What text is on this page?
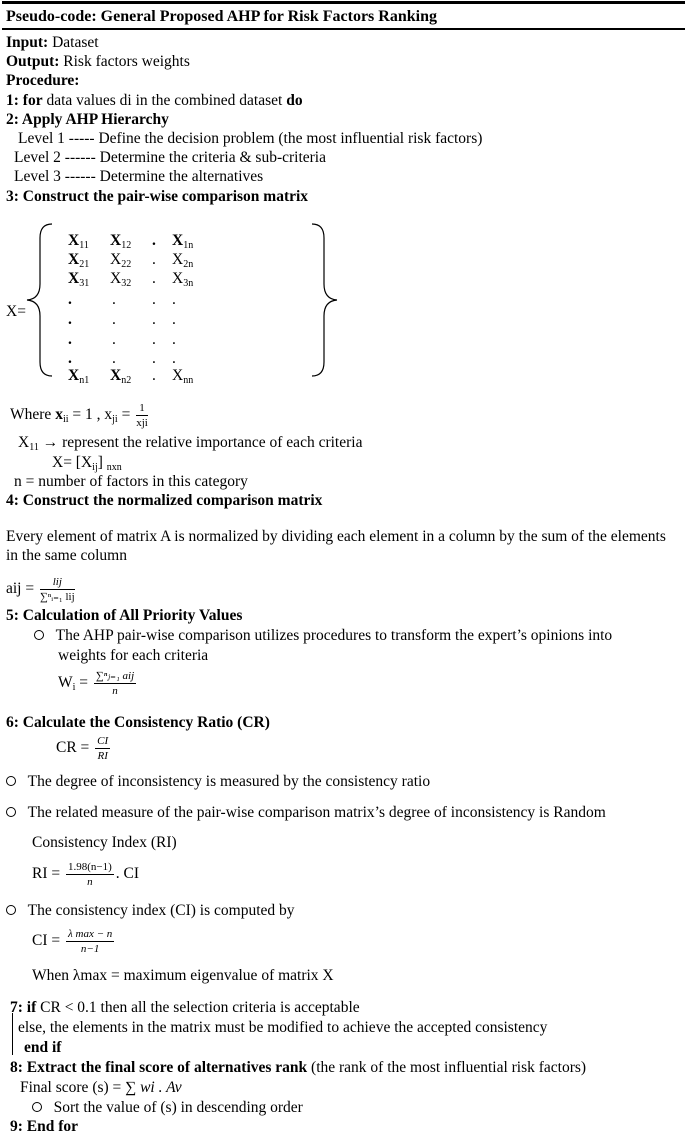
Pseudo-code: General Proposed AHP for Risk Factors Ranking
Input: Dataset
Output: Risk factors weights
Procedure:
1: for data values di in the combined dataset do
2: Apply AHP Hierarchy
Level 1 ----- Define the decision problem (the most influential risk factors)
Level 2 ------ Determine the criteria & sub-criteria
Level 3 ------ Determine the alternatives
3: Construct the pair-wise comparison matrix
X=
$X_{11}$ $X_{12}$ . $X_{1n}$
$X_{21}$ $X_{22}$ . $X_{2n}$
$X_{31}$ $X_{32}$ . $X_{3n}$
.	. . .
.	. . .
.	. . .
.	. . .
$X_{n1}$ $X_{n2}$ . $X_{nn}$
Where $x_{ii} = 1$ , $x_{ji} = \frac{1}{\text{xji}}$
$X_{11}$ → represent the relative importance of each criteria
$X= [X_{ij}]$ $_{nxn}$
n = number of factors in this category
4: Construct the normalized comparison matrix
Every element of matrix A is normalized by dividing each element in a column by the sum of the elements in the same column
aij = $\frac{\text{lij}}{\text{∑ⁿᵢ₌₁ lij}}$
5: Calculation of All Priority Values
The AHP pair-wise comparison utilizes procedures to transform the expert’s opinions into
weights for each criteria
$W_i = \frac{\text{∑ⁿⱼ₌₁ aij}}{n}$
6: Calculate the Consistency Ratio (CR)
CR = $\frac{CI}{RI}$
The degree of inconsistency is measured by the consistency ratio
The related measure of the pair-wise comparison matrix’s degree of inconsistency is Random
Consistency Index (RI)
RI = $\frac{1.98(n-1)}{n}$ . CI
The consistency index (CI) is computed by
CI = $\frac{\text{λ max − n}}{n-1}$
When λmax = maximum eigenvalue of matrix X
7: if CR < 0.1 then all the selection criteria is acceptable
else, the elements in the matrix must be modified to achieve the accepted consistency
end if
8: Extract the final score of alternatives rank (the rank of the most influential risk factors)
Final score (s) = ∑ wi . Av
Sort the value of (s) in descending order
9: End for
